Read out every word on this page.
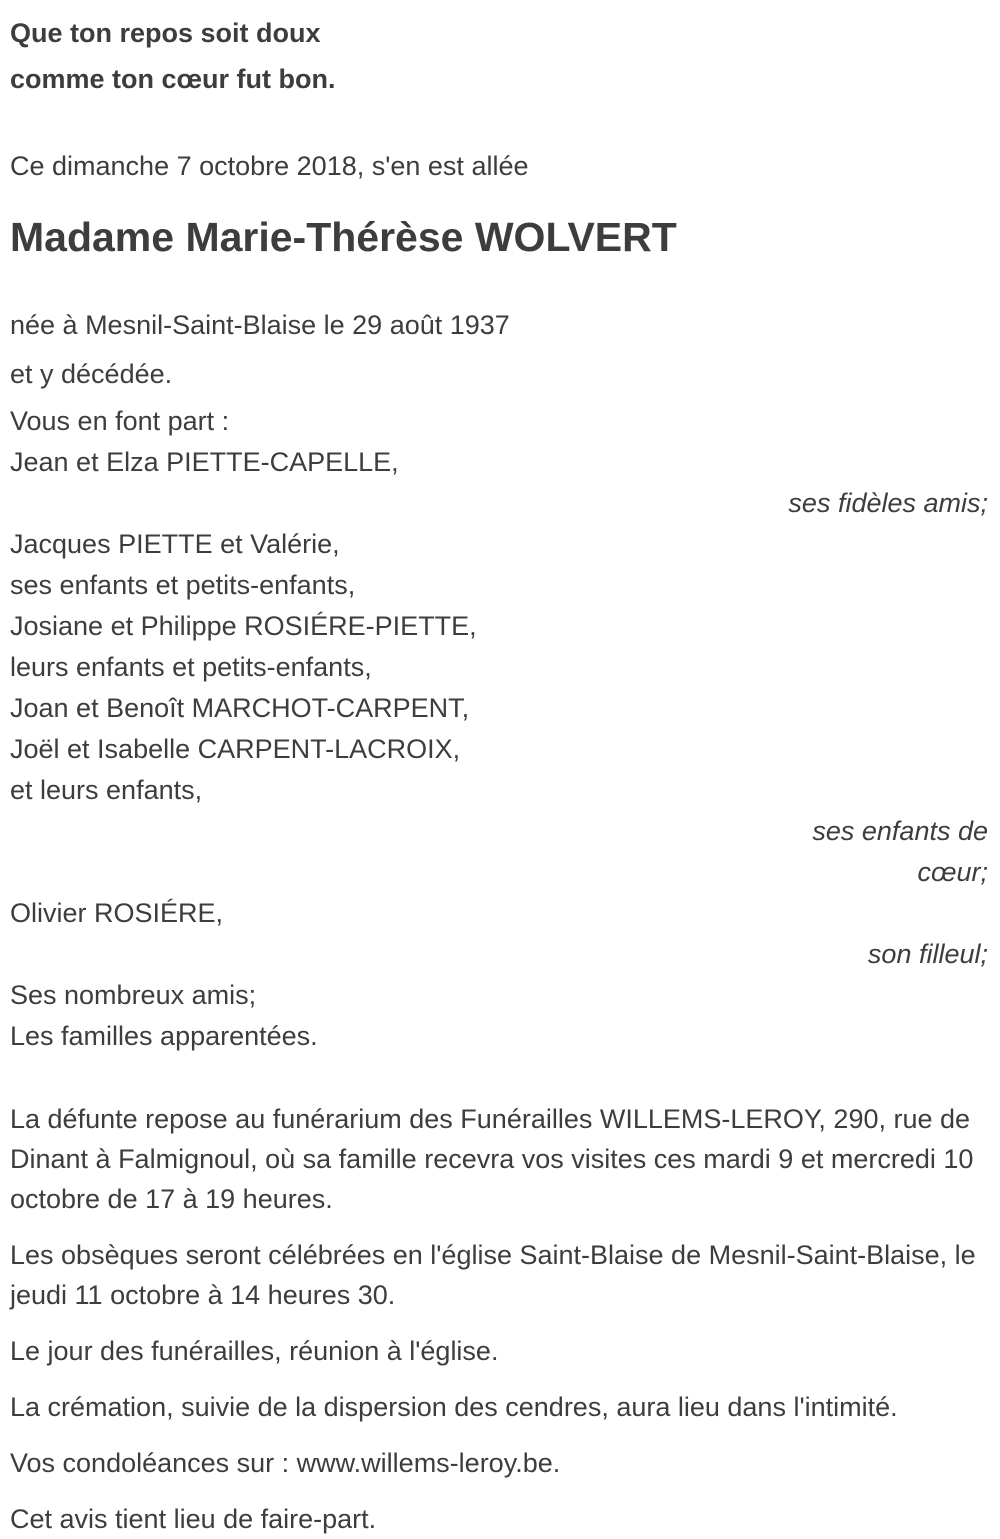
Que ton repos soit doux

comme ton cœur fut bon.

Ce dimanche 7 octobre 2018, s'en est allée

Madame Marie-Thérèse WOLVERT

née à Mesnil-Saint-Blaise le 29 août 1937

et y décédée.

Vous en font part :

Jean et Elza PIETTE-CAPELLE,

ses fidèles amis;

Jacques PIETTE et Valérie,

ses enfants et petits-enfants,

Josiane et Philippe ROSIÉRE-PIETTE,

leurs enfants et petits-enfants,

Joan et Benoît MARCHOT-CARPENT,

Joël et Isabelle CARPENT-LACROIX,

et leurs enfants,

ses enfants de

cœur;

Olivier ROSIÉRE,

son filleul;

Ses nombreux amis;

Les familles apparentées.

La défunte repose au funérarium des Funérailles WILLEMS-LEROY, 290, rue de Dinant à Falmignoul, où sa famille recevra vos visites ces mardi 9 et mercredi 10 octobre de 17 à 19 heures.

Les obsèques seront célébrées en l'église Saint-Blaise de Mesnil-Saint-Blaise, le jeudi 11 octobre à 14 heures 30.

Le jour des funérailles, réunion à l'église.

La crémation, suivie de la dispersion des cendres, aura lieu dans l'intimité.

Vos condoléances sur : www.willems-leroy.be.

Cet avis tient lieu de faire-part.
